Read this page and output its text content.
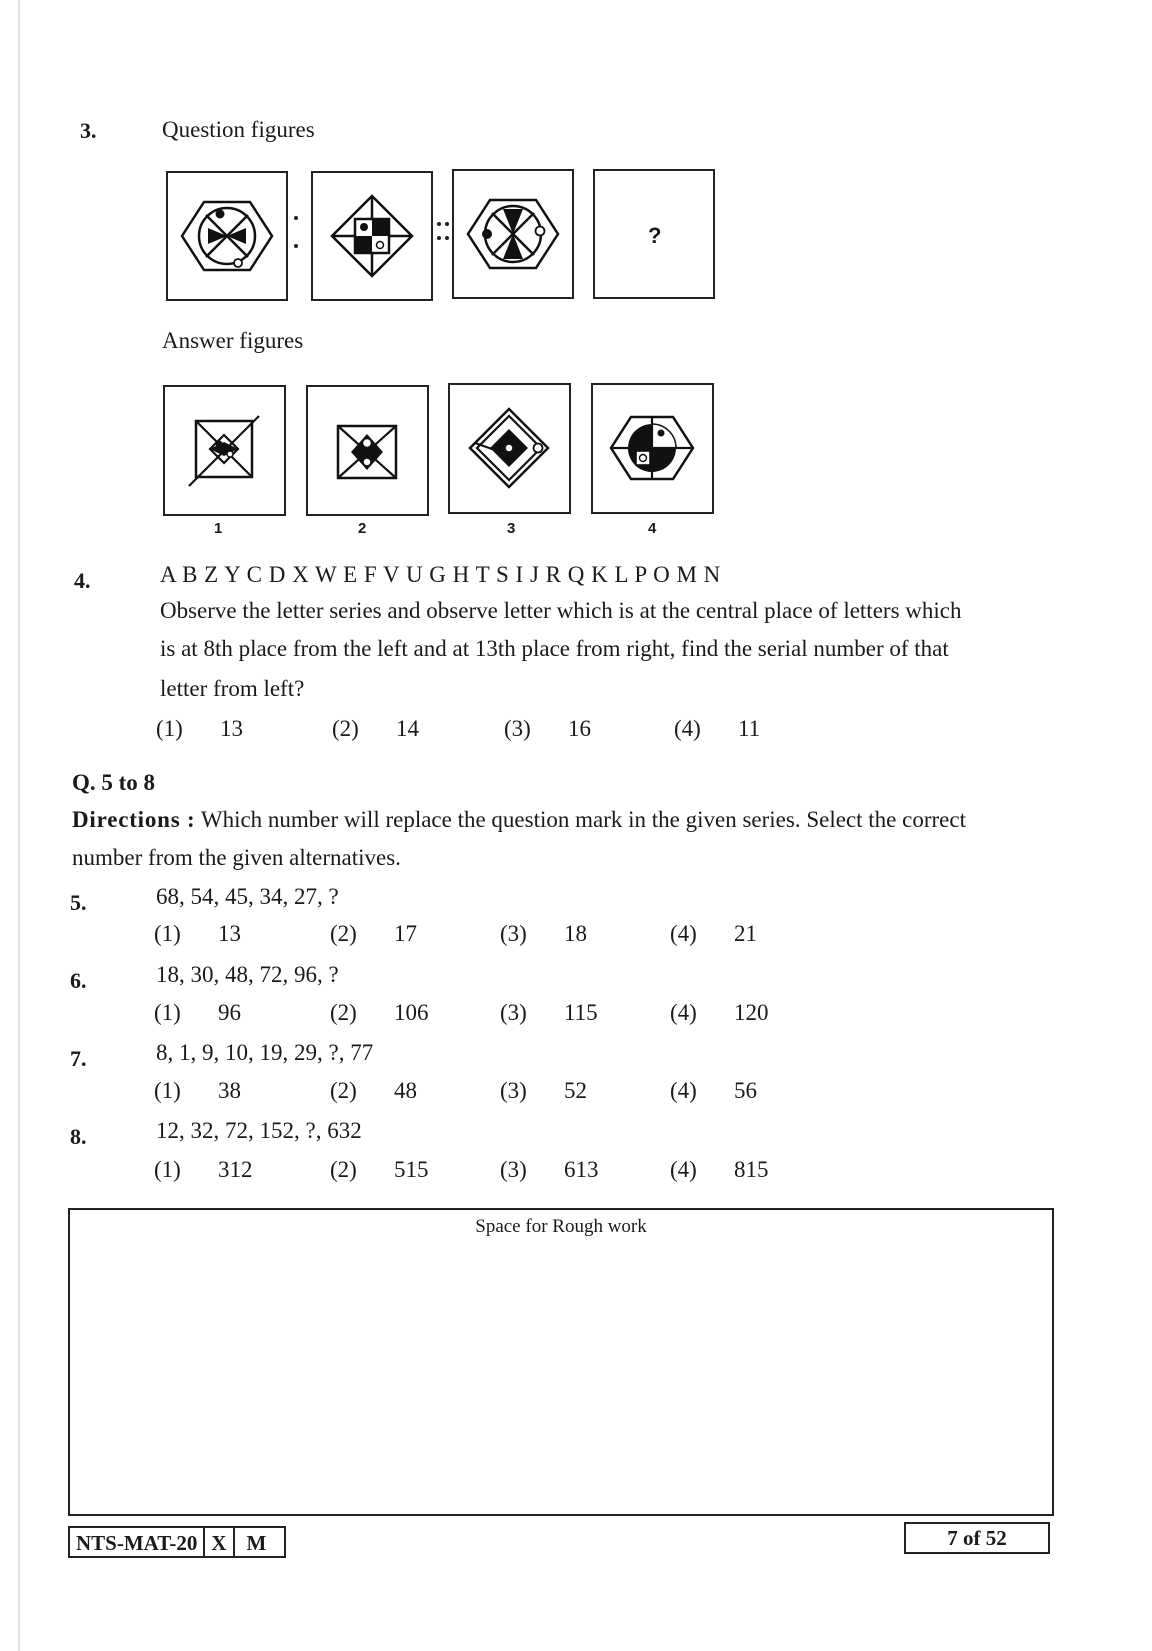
3.	Question figures
?
Answer figures
1	2	3	4
4.	A B Z Y C D X W E F V U G H T S I J R Q K L P O M N
Observe the letter series and observe letter which is at the central place of letters which
is at 8th place from the left and at 13th place from right, find the serial number of that
letter from left?
(1) 13	(2) 14	(3) 16	(4) 11
Q. 5 to 8
Directions : Which number will replace the question mark in the given series. Select the correct
number from the given alternatives.
5.	68, 54, 45, 34, 27, ?
(1) 13	(2) 17	(3) 18	(4) 21
6.	18, 30, 48, 72, 96, ?
(1) 96	(2) 106	(3) 115	(4) 120
7.	8, 1, 9, 10, 19, 29, ?, 77
(1) 38	(2) 48	(3) 52	(4) 56
8.	12, 32, 72, 152, ?, 632
(1) 312	(2) 515	(3) 613	(4) 815
Space for Rough work
NTS-MAT-20 X M	7 of 52
